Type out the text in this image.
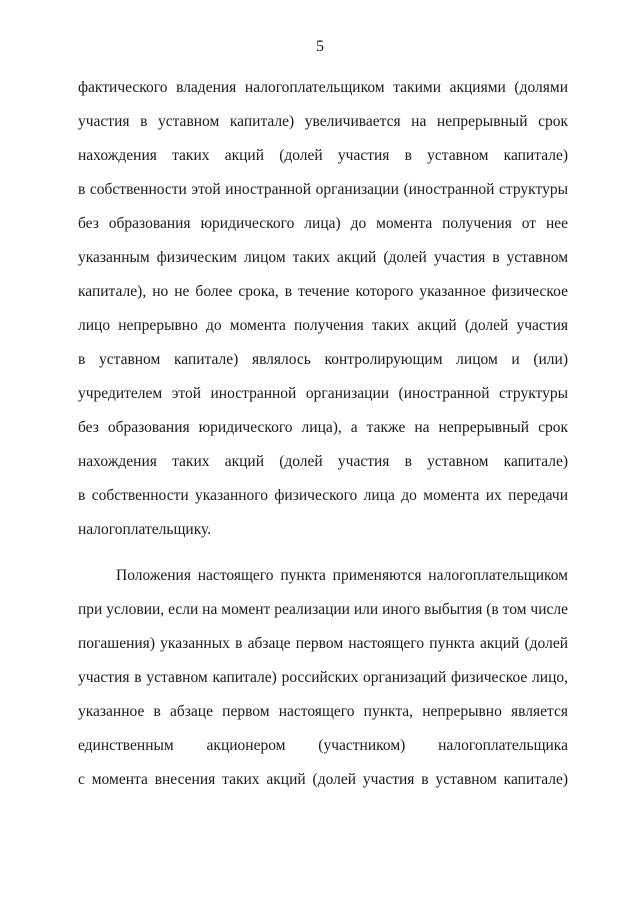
5
фактического владения налогоплательщиком такими акциями (долями
участия в уставном капитале) увеличивается на непрерывный срок
нахождения таких акций (долей участия в уставном капитале)
в собственности этой иностранной организации (иностранной структуры
без образования юридического лица) до момента получения от нее
указанным физическим лицом таких акций (долей участия в уставном
капитале), но не более срока, в течение которого указанное физическое
лицо непрерывно до момента получения таких акций (долей участия
в уставном капитале) являлось контролирующим лицом и (или)
учредителем этой иностранной организации (иностранной структуры
без образования юридического лица), а также на непрерывный срок
нахождения таких акций (долей участия в уставном капитале)
в собственности указанного физического лица до момента их передачи
налогоплательщику.
Положения настоящего пункта применяются налогоплательщиком
при условии, если на момент реализации или иного выбытия (в том числе
погашения) указанных в абзаце первом настоящего пункта акций (долей
участия в уставном капитале) российских организаций физическое лицо,
указанное в абзаце первом настоящего пункта, непрерывно является
единственным акционером (участником) налогоплательщика
с момента внесения таких акций (долей участия в уставном капитале)
